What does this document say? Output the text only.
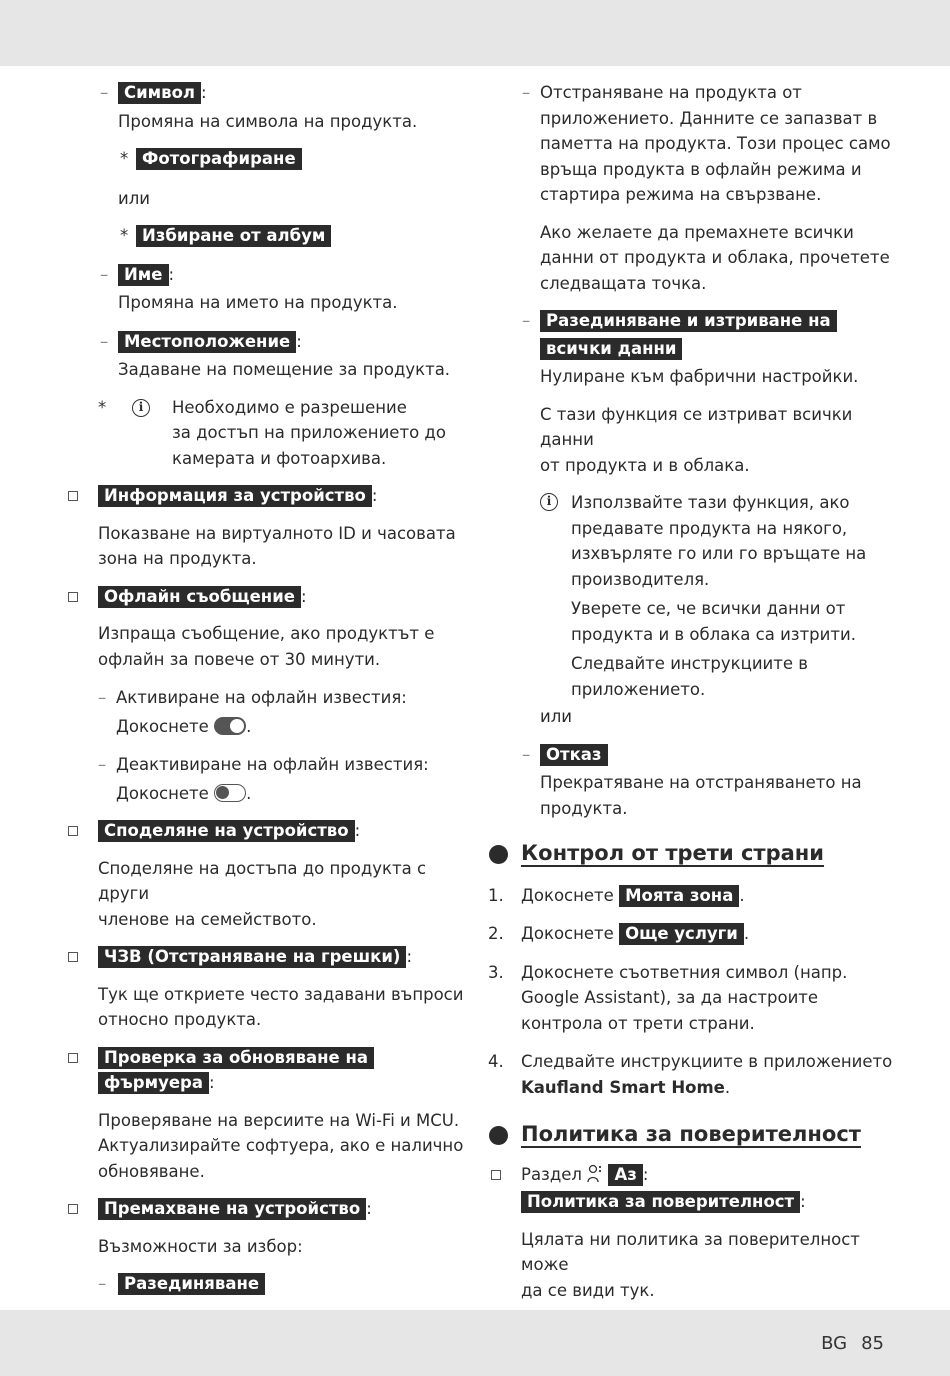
BG 85
– Символ :

Промяна на символа на продукта.

* Фотографиране

или

* Избиране от албум

– Име :

Промяна на името на продукта.

– Местоположение :

Задаване на помещение за продукта.

*	i	Необходимо е разрешение

за достъп на приложението до

камерата и фотоархива.

Информация за устройство :

Показване на виртуалното ID и часовата

зона на продукта.

Офлайн съобщение :

Изпраща съобщение, ако продуктът е

офлайн за повече от 30 минути.

– Активиране на офлайн известия:

Докоснете .

– Деактивиране на офлайн известия:

Докоснете .

Споделяне на устройство :

Споделяне на достъпа до продукта с други

членове на семейството.

ЧЗВ (Отстраняване на грешки) :

Тук ще откриете често задавани въпроси

относно продукта.

Проверка за обновяване на

фърмуера :

Проверяване на версиите на Wi-Fi и MCU.

Актуализирайте софтуера, ако е налично

обновяване.

Премахване на устройство :

Възможности за избор:

–	Разединяване

– Отстраняване на продукта от

приложението. Данните се запазват в

паметта на продукта. Този процес само

връща продукта в офлайн режима и

стартира режима на свързване.

Ако желаете да премахнете всички

данни от продукта и облака, прочетете

следващата точка.

– Разединяване и изтриване на

всички данни

Нулиране към фабрични настройки.

С тази функция се изтриват всички данни

от продукта и в облака.

i	Използвайте тази функция, ако

предавате продукта на някого,

изхвърляте го или го връщате на

производителя.

Уверете се, че всички данни от

продукта и в облака са изтрити.

Следвайте инструкциите в

приложението.

или

– Отказ

Прекратяване на отстраняването на

продукта.

Контрол от трети страни

1. Докоснете Моята зона .

2. Докоснете Още услуги .

3. Докоснете съответния символ (напр.

Google Assistant), за да настроите

контрола от трети страни.

4. Следвайте инструкциите в приложението

Kaufland Smart Home.

Политика за поверителност

Раздел Аз :

Политика за поверителност :

Цялата ни политика за поверителност може

да се види тук.
